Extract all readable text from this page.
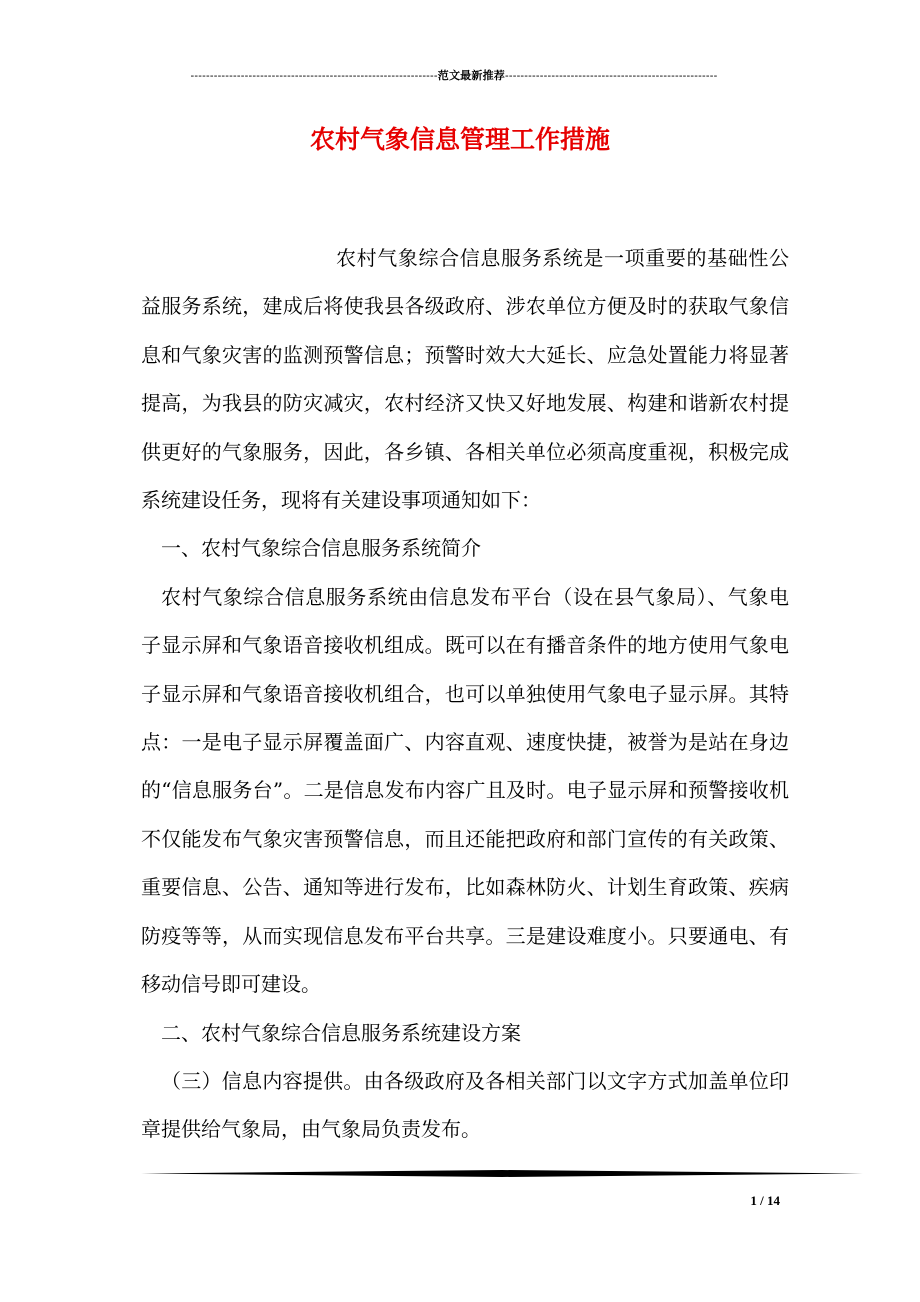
----------------------------------------------------------------范文最新推荐-------------------------------------------------------
农村气象信息管理工作措施

农村气象综合信息服务系统是一项重要的基础性公益服务系统，建成后将使我县各级政府、涉农单位方便及时的获取气象信息和气象灾害的监测预警信息；预警时效大大延长、应急处置能力将显著提高，为我县的防灾减灾，农村经济又快又好地发展、构建和谐新农村提供更好的气象服务，因此，各乡镇、各相关单位必须高度重视，积极完成系统建设任务，现将有关建设事项通知如下：

一、农村气象综合信息服务系统简介

农村气象综合信息服务系统由信息发布平台（设在县气象局）、气象电子显示屏和气象语音接收机组成。既可以在有播音条件的地方使用气象电子显示屏和气象语音接收机组合，也可以单独使用气象电子显示屏。其特点：一是电子显示屏覆盖面广、内容直观、速度快捷，被誉为是站在身边的“信息服务台”。二是信息发布内容广且及时。电子显示屏和预警接收机不仅能发布气象灾害预警信息，而且还能把政府和部门宣传的有关政策、重要信息、公告、通知等进行发布，比如森林防火、计划生育政策、疾病防疫等等，从而实现信息发布平台共享。三是建设难度小。只要通电、有移动信号即可建设。

二、农村气象综合信息服务系统建设方案

（三）信息内容提供。由各级政府及各相关部门以文字方式加盖单位印章提供给气象局，由气象局负责发布。

1 / 14
